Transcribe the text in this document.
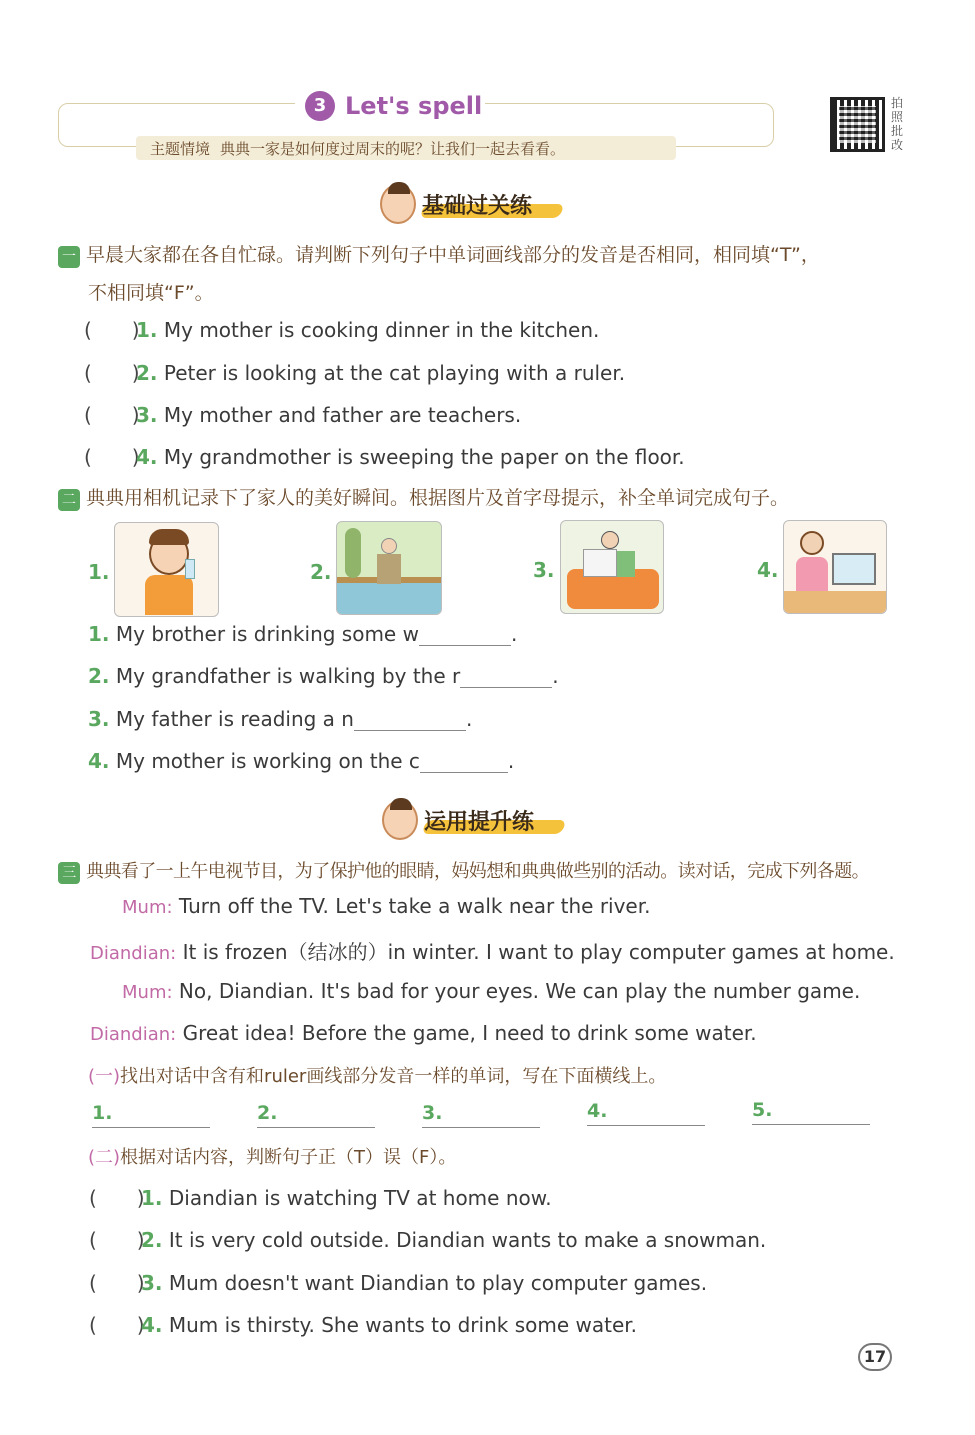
3 Let's spell
主题情境 典典一家是如何度过周末的呢？让我们一起去看看。
拍照批改
基础过关练
一 早晨大家都在各自忙碌。请判断下列句子中单词画线部分的发音是否相同，相同填“T”，
不相同填“F”。
(　　)1. My mother is cooking dinner in the kitchen.
(　　)2. Peter is looking at the cat playing with a ruler.
(　　)3. My mother and father are teachers.
(　　)4. My grandmother is sweeping the paper on the floor.
二 典典用相机记录下了家人的美好瞬间。根据图片及首字母提示，补全单词完成句子。
1.	2.	3.	4.
1. My brother is drinking some w	.
2. My grandfather is walking by the r	.
3. My father is reading a n	.
4. My mother is working on the c	.
运用提升练
三 典典看了一上午电视节目，为了保护他的眼睛，妈妈想和典典做些别的活动。读对话，完成下列各题。
Mum: Turn off the TV. Let's take a walk near the river.
Diandian: It is frozen（结冰的）in winter. I want to play computer games at home.
Mum: No, Diandian. It's bad for your eyes. We can play the number game.
Diandian: Great idea! Before the game, I need to drink some water.
(一)找出对话中含有和ruler画线部分发音一样的单词，写在下面横线上。
1.	2.	3.	4.	5.
(二)根据对话内容，判断句子正（T）误（F）。
(　　)1. Diandian is watching TV at home now.
(　　)2. It is very cold outside. Diandian wants to make a snowman.
(　　)3. Mum doesn't want Diandian to play computer games.
(　　)4. Mum is thirsty. She wants to drink some water.
17
